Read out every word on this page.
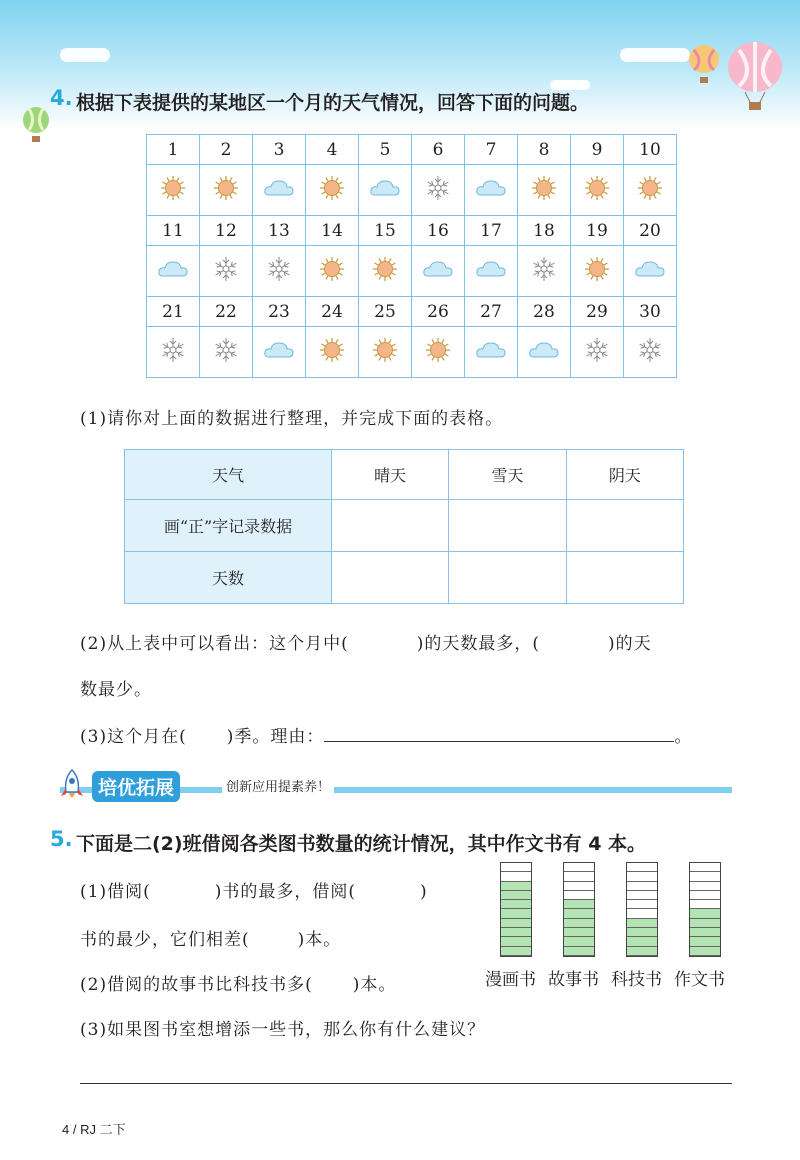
4. 根据下表提供的某地区一个月的天气情况，回答下面的问题。
1	2	3	4	5	6	7	8	9	10

11	12	13	14	15	16	17	18	19	20

21	22	23	24	25	26	27	28	29	30

(1)请你对上面的数据进行整理，并完成下面的表格。
天气	晴天	雪天	阴天
画“正”字记录数据			
天数			
(2)从上表中可以看出：这个月中(	)的天数最多，(	)的天
数最少。
(3)这个月在( )季。理由：	。
培优拓展	创新应用提素养！
5. 下面是二(2)班借阅各类图书数量的统计情况，其中作文书有 4 本。
(1)借阅(	)书的最多，借阅(	)
书的最少，它们相差(	)本。
(2)借阅的故事书比科技书多( )本。
(3)如果图书室想增添一些书，那么你有什么建议？
漫画书 故事书 科技书 作文书
4 / RJ 二下
